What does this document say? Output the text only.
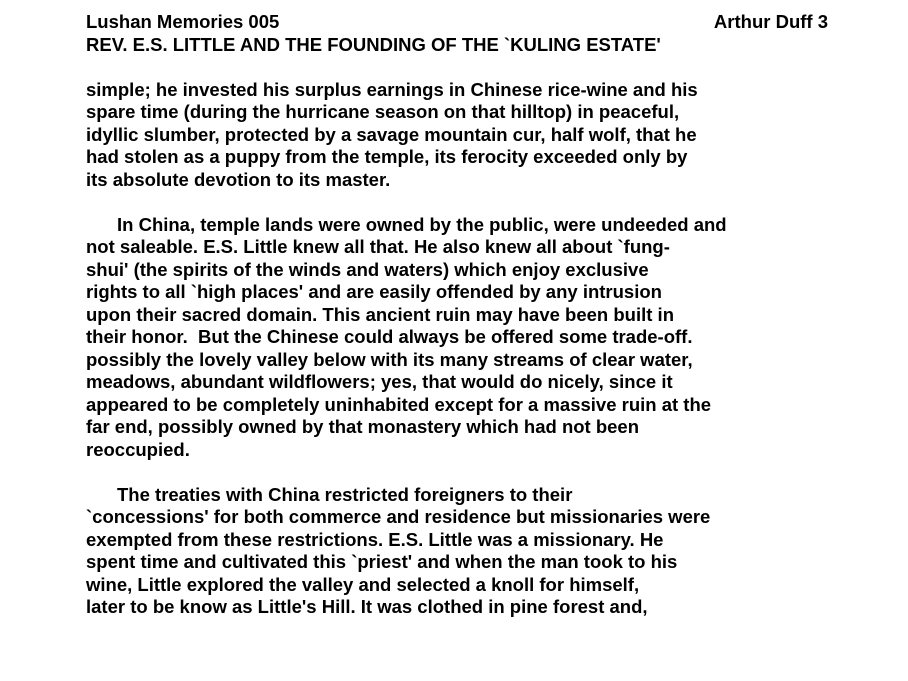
Lushan Memories 005	Arthur Duff 3
REV. E.S. LITTLE AND THE FOUNDING OF THE `KULING ESTATE'
simple; he invested his surplus earnings in Chinese rice-wine and his
spare time (during the hurricane season on that hilltop) in peaceful,
idyllic slumber, protected by a savage mountain cur, half wolf, that he
had stolen as a puppy from the temple, its ferocity exceeded only by
its absolute devotion to its master.
In China, temple lands were owned by the public, were undeeded and
not saleable. E.S. Little knew all that. He also knew all about `fung-
shui' (the spirits of the winds and waters) which enjoy exclusive
rights to all `high places' and are easily offended by any intrusion
upon their sacred domain. This ancient ruin may have been built in
their honor.  But the Chinese could always be offered some trade-off.
possibly the lovely valley below with its many streams of clear water,
meadows, abundant wildflowers; yes, that would do nicely, since it
appeared to be completely uninhabited except for a massive ruin at the
far end, possibly owned by that monastery which had not been
reoccupied.
The treaties with China restricted foreigners to their
`concessions' for both commerce and residence but missionaries were
exempted from these restrictions. E.S. Little was a missionary. He
spent time and cultivated this `priest' and when the man took to his
wine, Little explored the valley and selected a knoll for himself,
later to be know as Little's Hill. It was clothed in pine forest and,
